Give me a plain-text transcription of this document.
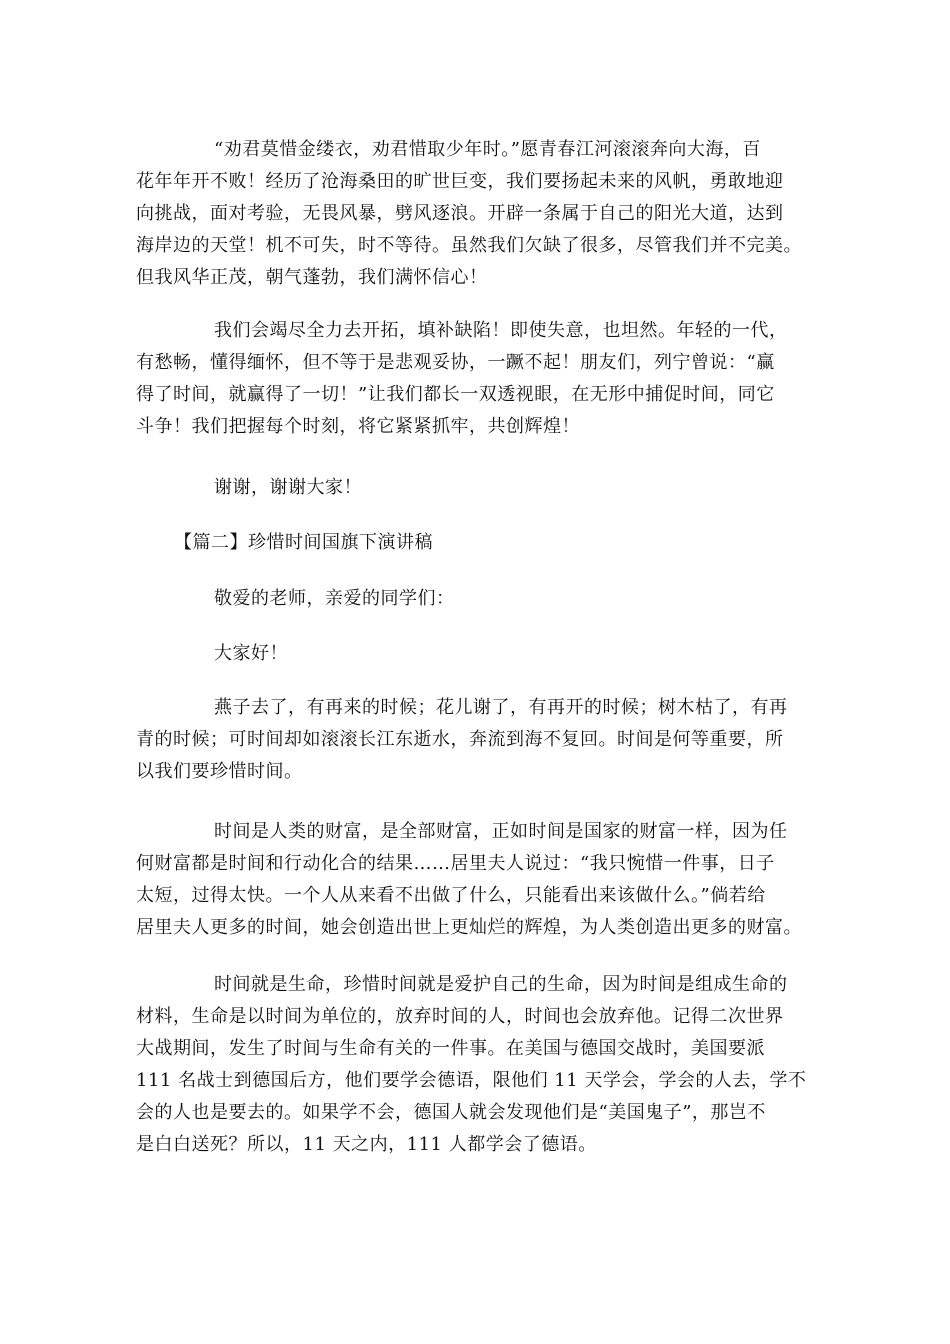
“劝君莫惜金缕衣，劝君惜取少年时。”愿青春江河滚滚奔向大海，百
花年年开不败！经历了沧海桑田的旷世巨变，我们要扬起未来的风帆，勇敢地迎
向挑战，面对考验，无畏风暴，劈风逐浪。开辟一条属于自己的阳光大道，达到
海岸边的天堂！机不可失，时不等待。虽然我们欠缺了很多，尽管我们并不完美。
但我风华正茂，朝气蓬勃，我们满怀信心！
我们会竭尽全力去开拓，填补缺陷！即使失意，也坦然。年轻的一代，
有愁畅，懂得缅怀，但不等于是悲观妥协，一蹶不起！朋友们，列宁曾说：“赢
得了时间，就赢得了一切！”让我们都长一双透视眼，在无形中捕促时间，同它
斗争！我们把握每个时刻，将它紧紧抓牢，共创辉煌！
谢谢，谢谢大家！
【篇二】珍惜时间国旗下演讲稿
敬爱的老师，亲爱的同学们：
大家好！
燕子去了，有再来的时候；花儿谢了，有再开的时候；树木枯了，有再
青的时候；可时间却如滚滚长江东逝水，奔流到海不复回。时间是何等重要，所
以我们要珍惜时间。
时间是人类的财富，是全部财富，正如时间是国家的财富一样，因为任
何财富都是时间和行动化合的结果……居里夫人说过：“我只惋惜一件事，日子
太短，过得太快。一个人从来看不出做了什么，只能看出来该做什么。”倘若给
居里夫人更多的时间，她会创造出世上更灿烂的辉煌，为人类创造出更多的财富。
时间就是生命，珍惜时间就是爱护自己的生命，因为时间是组成生命的
材料，生命是以时间为单位的，放弃时间的人，时间也会放弃他。记得二次世界
大战期间，发生了时间与生命有关的一件事。在美国与德国交战时，美国要派
111 名战士到德国后方，他们要学会德语，限他们 11 天学会，学会的人去，学不
会的人也是要去的。如果学不会，德国人就会发现他们是“美国鬼子”，那岂不
是白白送死？所以，11 天之内，111 人都学会了德语。
